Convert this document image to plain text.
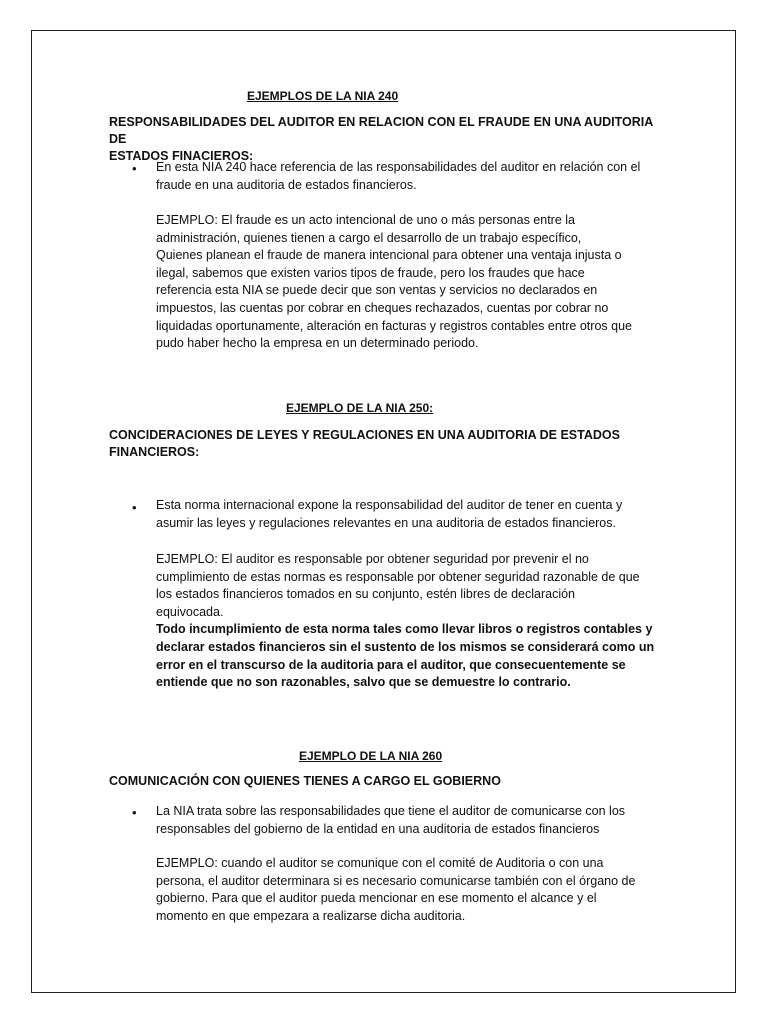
EJEMPLOS DE LA NIA 240
RESPONSABILIDADES DEL AUDITOR EN RELACION CON EL FRAUDE EN UNA AUDITORIA DE
ESTADOS FINACIEROS:
• En esta NIA 240 hace referencia de las responsabilidades del auditor en relación con el
fraude en una auditoria de estados financieros.
EJEMPLO: El fraude es un acto intencional de uno o más personas entre la
administración, quienes tienen a cargo el desarrollo de un trabajo específico,
Quienes planean el fraude de manera intencional para obtener una ventaja injusta o
ilegal, sabemos que existen varios tipos de fraude, pero los fraudes que hace
referencia esta NIA se puede decir que son ventas y servicios no declarados en
impuestos, las cuentas por cobrar en cheques rechazados, cuentas por cobrar no
liquidadas oportunamente, alteración en facturas y registros contables entre otros que
pudo haber hecho la empresa en un determinado periodo.
EJEMPLO DE LA NIA 250:
CONCIDERACIONES DE LEYES Y REGULACIONES EN UNA AUDITORIA DE ESTADOS
FINANCIEROS:
• Esta norma internacional expone la responsabilidad del auditor de tener en cuenta y
asumir las leyes y regulaciones relevantes en una auditoria de estados financieros.
EJEMPLO: El auditor es responsable por obtener seguridad por prevenir el no
cumplimiento de estas normas es responsable por obtener seguridad razonable de que
los estados financieros tomados en su conjunto, estén libres de declaración
equivocada.
Todo incumplimiento de esta norma tales como llevar libros o registros contables y
declarar estados financieros sin el sustento de los mismos se considerará como un
error en el transcurso de la auditoria para el auditor, que consecuentemente se
entiende que no son razonables, salvo que se demuestre lo contrario.
EJEMPLO DE LA NIA 260
COMUNICACIÓN CON QUIENES TIENES A CARGO EL GOBIERNO
• La NIA trata sobre las responsabilidades que tiene el auditor de comunicarse con los
responsables del gobierno de la entidad en una auditoria de estados financieros
EJEMPLO: cuando el auditor se comunique con el comité de Auditoria o con una
persona, el auditor determinara si es necesario comunicarse también con el órgano de
gobierno. Para que el auditor pueda mencionar en ese momento el alcance y el
momento en que empezara a realizarse dicha auditoria.
